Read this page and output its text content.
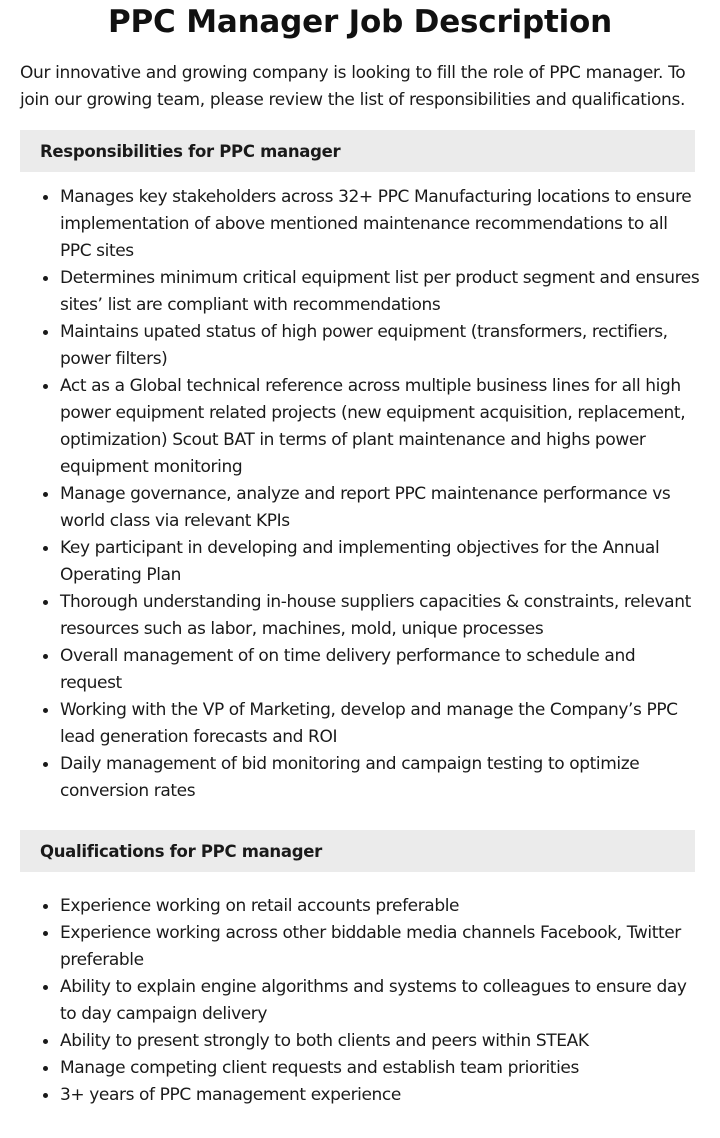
PPC Manager Job Description

Our innovative and growing company is looking to fill the role of PPC manager. To join our growing team, please review the list of responsibilities and qualifications.

Responsibilities for PPC manager
Manages key stakeholders across 32+ PPC Manufacturing locations to ensure implementation of above mentioned maintenance recommendations to all PPC sites
Determines minimum critical equipment list per product segment and ensures sites’ list are compliant with recommendations
Maintains upated status of high power equipment (transformers, rectifiers, power filters)
Act as a Global technical reference across multiple business lines for all high power equipment related projects (new equipment acquisition, replacement, optimization) Scout BAT in terms of plant maintenance and highs power equipment monitoring
Manage governance, analyze and report PPC maintenance performance vs world class via relevant KPIs
Key participant in developing and implementing objectives for the Annual Operating Plan
Thorough understanding in-house suppliers capacities & constraints, relevant resources such as labor, machines, mold, unique processes
Overall management of on time delivery performance to schedule and request
Working with the VP of Marketing, develop and manage the Company’s PPC lead generation forecasts and ROI
Daily management of bid monitoring and campaign testing to optimize conversion rates
Qualifications for PPC manager
Experience working on retail accounts preferable
Experience working across other biddable media channels Facebook, Twitter preferable
Ability to explain engine algorithms and systems to colleagues to ensure day to day campaign delivery
Ability to present strongly to both clients and peers within STEAK
Manage competing client requests and establish team priorities
3+ years of PPC management experience
